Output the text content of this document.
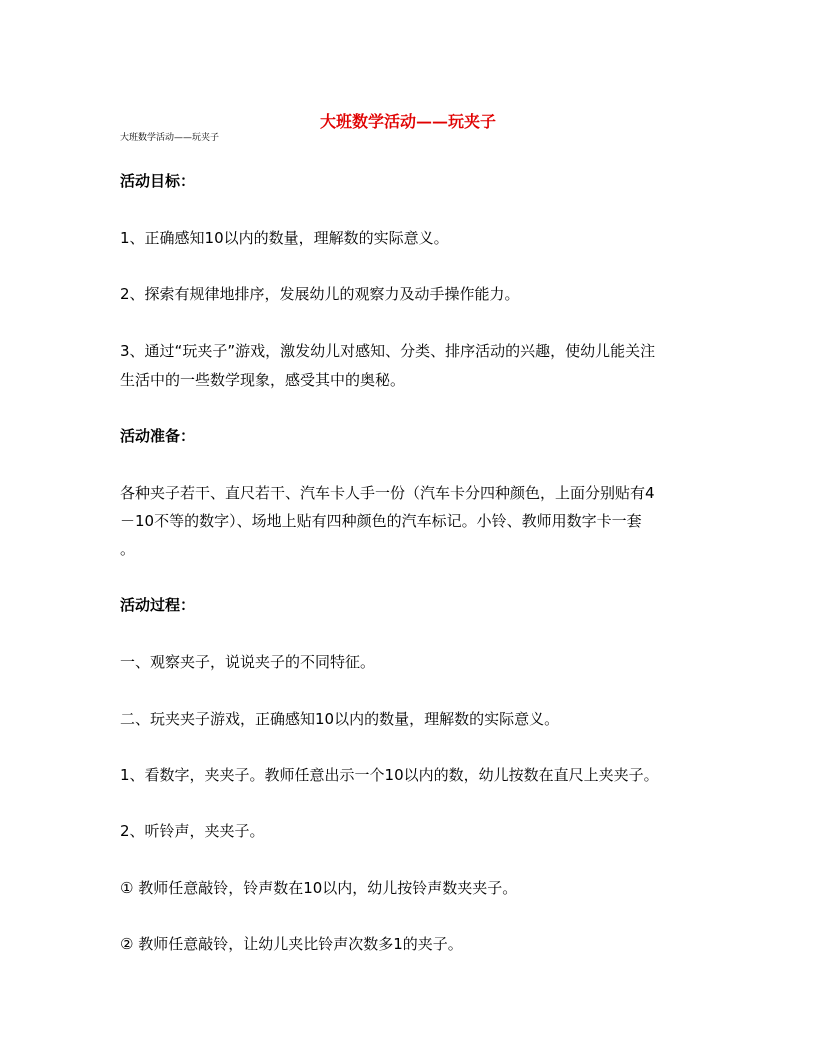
大班数学活动——玩夹子
大班数学活动——玩夹子
活动目标：
1、正确感知10以内的数量，理解数的实际意义。
2、探索有规律地排序，发展幼儿的观察力及动手操作能力。
3、通过“玩夹子”游戏，激发幼儿对感知、分类、排序活动的兴趣，使幼儿能关注
生活中的一些数学现象，感受其中的奥秘。
活动准备：
各种夹子若干、直尺若干、汽车卡人手一份（汽车卡分四种颜色，上面分别贴有4
－10不等的数字）、场地上贴有四种颜色的汽车标记。小铃、教师用数字卡一套
。
活动过程：
一、观察夹子，说说夹子的不同特征。
二、玩夹夹子游戏，正确感知10以内的数量，理解数的实际意义。
1、看数字，夹夹子。教师任意出示一个10以内的数，幼儿按数在直尺上夹夹子。
2、听铃声，夹夹子。
① 教师任意敲铃，铃声数在10以内，幼儿按铃声数夹夹子。
② 教师任意敲铃，让幼儿夹比铃声次数多1的夹子。
